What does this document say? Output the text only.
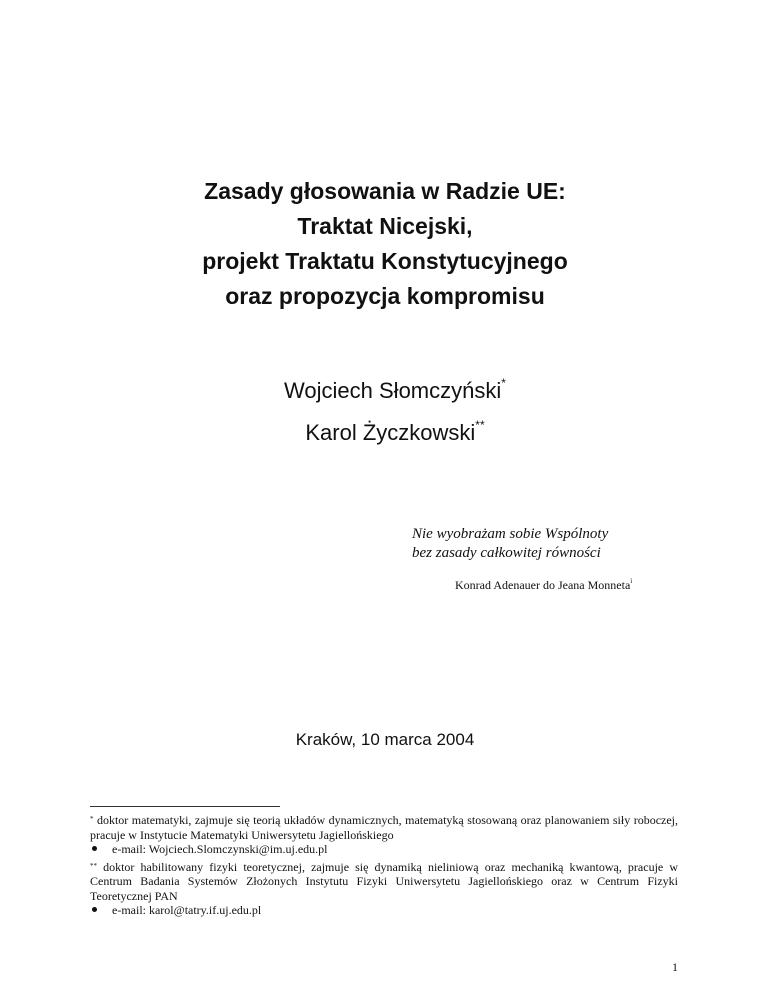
Zasady głosowania w Radzie UE:
Traktat Nicejski,
projekt Traktatu Konstytucyjnego
oraz propozycja kompromisu
Wojciech Słomczyński*
Karol Życzkowski**
Nie wyobrażam sobie Wspólnoty
bez zasady całkowitej równości
Konrad Adenauer do Jeana Monneta$^i$
Kraków, 10 marca 2004
* doktor matematyki, zajmuje się teorią układów dynamicznych, matematyką stosowaną oraz planowaniem siły roboczej, pracuje w Instytucie Matematyki Uniwersytetu Jagiellońskiego
e-mail: Wojciech.Slomczynski@im.uj.edu.pl
** doktor habilitowany fizyki teoretycznej, zajmuje się dynamiką nieliniową oraz mechaniką kwantową, pracuje w Centrum Badania Systemów Złożonych Instytutu Fizyki Uniwersytetu Jagiellońskiego oraz w Centrum Fizyki Teoretycznej PAN
e-mail: karol@tatry.if.uj.edu.pl
1
